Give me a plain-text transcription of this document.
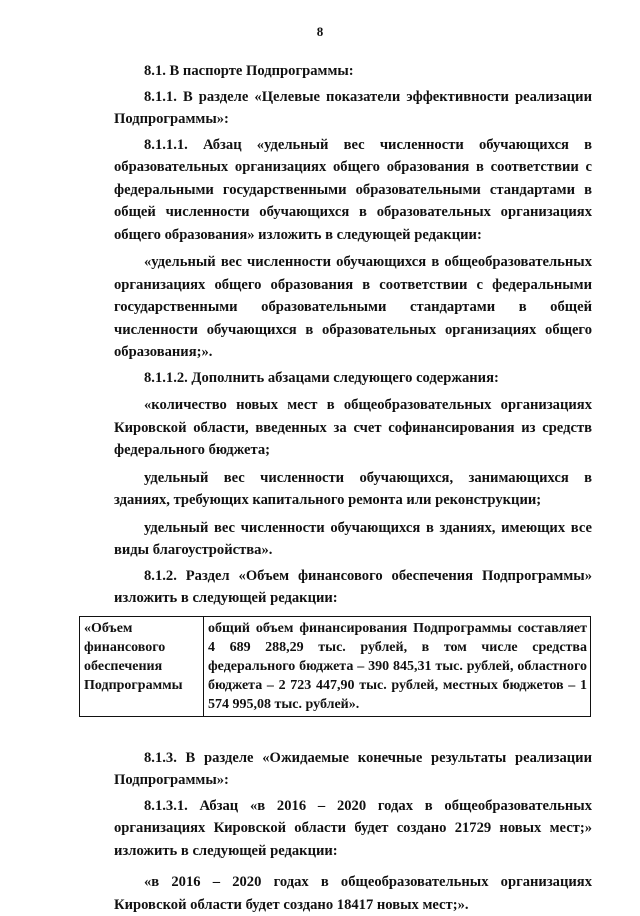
8

8.1. В паспорте Подпрограммы:

8.1.1. В разделе «Целевые показатели эффективности реализации Подпрограммы»:

8.1.1.1. Абзац «удельный вес численности обучающихся в образовательных организациях общего образования в соответствии с федеральными государственными образовательными стандартами в общей численности обучающихся в образовательных организациях общего образования» изложить в следующей редакции:

«удельный вес численности обучающихся в общеобразовательных организациях общего образования в соответствии с федеральными государственными образовательными стандартами в общей численности обучающихся в образовательных организациях общего образования;».

8.1.1.2. Дополнить абзацами следующего содержания:

«количество новых мест в общеобразовательных организациях Кировской области, введенных за счет софинансирования из средств федерального бюджета;

удельный вес численности обучающихся, занимающихся в зданиях, требующих капитального ремонта или реконструкции;

удельный вес численности обучающихся в зданиях, имеющих все виды благоустройства».

8.1.2. Раздел «Объем финансового обеспечения Подпрограммы» изложить в следующей редакции:

«Объем
финансового
обеспечения
Подпрограммы
	общий объем финансирования Подпрограммы составляет 4 689 288,29 тыс. рублей, в том числе средства федерального бюджета – 390 845,31 тыс. рублей, областного бюджета – 2 723 447,90 тыс. рублей, местных бюджетов – 1 574 995,08 тыс. рублей».

8.1.3. В разделе «Ожидаемые конечные результаты реализации Подпрограммы»:

8.1.3.1. Абзац «в 2016 – 2020 годах в общеобразовательных организациях Кировской области будет создано 21729 новых мест;» изложить в следующей редакции:

«в 2016 – 2020 годах в общеобразовательных организациях Кировской области будет создано 18417 новых мест;».
